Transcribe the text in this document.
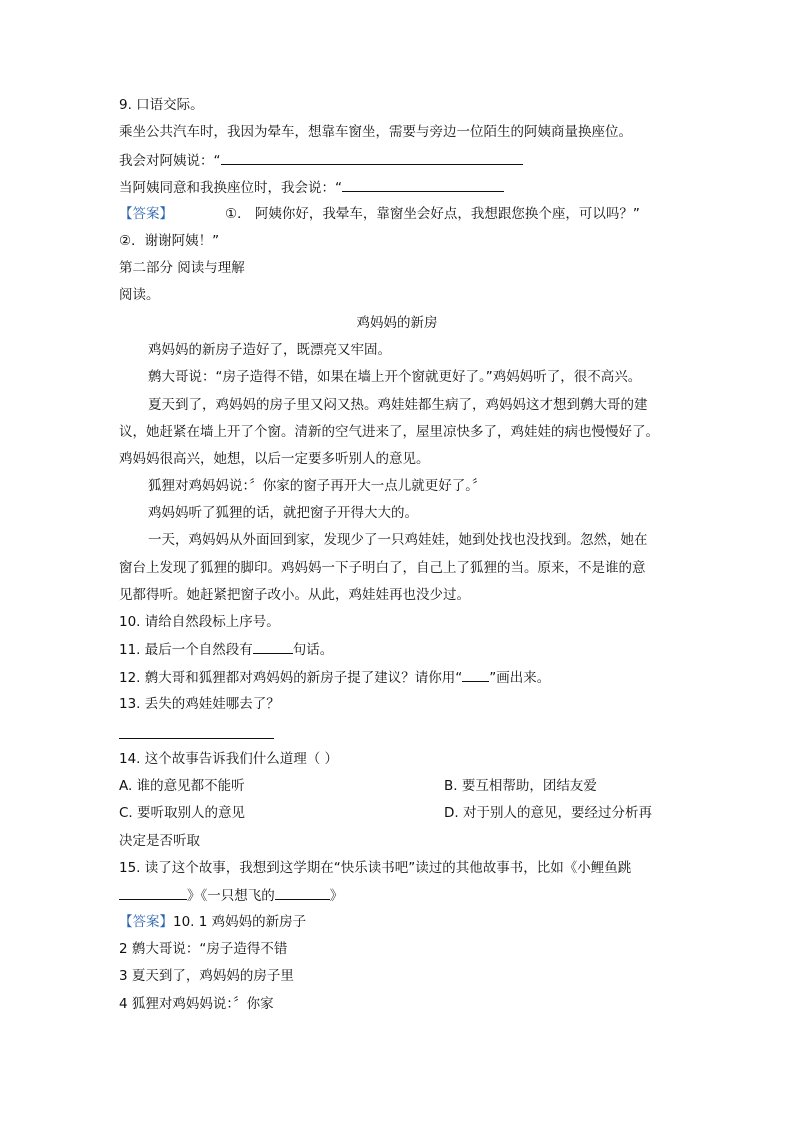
9. 口语交际。
乘坐公共汽车时，我因为晕车，想靠车窗坐，需要与旁边一位陌生的阿姨商量换座位。
我会对阿姨说：“
当阿姨同意和我换座位时，我会说：“
【答案】	①． 阿姨你好，我晕车，靠窗坐会好点，我想跟您换个座，可以吗？”
②．谢谢阿姨！”
第二部分 阅读与理解
阅读。
鸡妈妈的新房
鸡妈妈的新房子造好了，既漂亮又牢固。
鹩大哥说：“房子造得不错，如果在墙上开个窗就更好了。”鸡妈妈听了，很不高兴。
夏天到了，鸡妈妈的房子里又闷又热。鸡娃娃都生病了，鸡妈妈这才想到鹩大哥的建
议，她赶紧在墙上开了个窗。清新的空气进来了，屋里凉快多了，鸡娃娃的病也慢慢好了。
鸡妈妈很高兴，她想，以后一定要多听别人的意见。
狐狸对鸡妈妈说：〞你家的窗子再开大一点儿就更好了。〞
鸡妈妈听了狐狸的话，就把窗子开得大大的。
一天，鸡妈妈从外面回到家，发现少了一只鸡娃娃，她到处找也没找到。忽然，她在
窗台上发现了狐狸的脚印。鸡妈妈一下子明白了，自己上了狐狸的当。原来，不是谁的意
见都得听。她赶紧把窗子改小。从此，鸡娃娃再也没少过。
10. 请给自然段标上序号。
11. 最后一个自然段有	句话。
12. 鹩大哥和狐狸都对鸡妈妈的新房子提了建议？请你用“ ”画出来。
13. 丢失的鸡娃娃哪去了？
14. 这个故事告诉我们什么道理（ ）
A. 谁的意见都不能听	B. 要互相帮助，团结友爱
C. 要听取别人的意见	D. 对于别人的意见，要经过分析再
决定是否听取
15. 读了这个故事，我想到这学期在“快乐读书吧”读过的其他故事书，比如《小鲤鱼跳
》《一只想飞的	》
【答案】10. 1 鸡妈妈的新房子
2 鹩大哥说：“房子造得不错
3 夏天到了，鸡妈妈的房子里
4 狐狸对鸡妈妈说：〞你家
